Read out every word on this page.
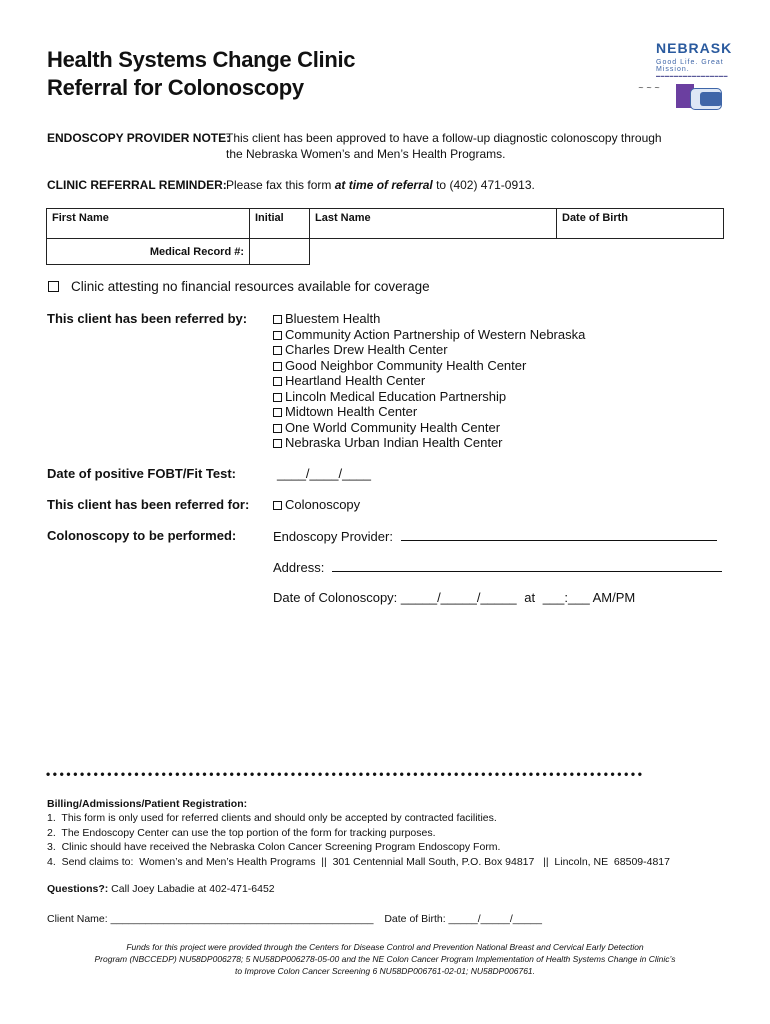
Health Systems Change Clinic
Referral for Colonoscopy
NEBRASK
Good Life. Great Mission.
▬▬▬▬▬▬▬▬▬▬▬▬▬▬▬▬
~ ~ ~
ENDOSCOPY PROVIDER NOTE:
This client has been approved to have a follow-up diagnostic colonoscopy through
the Nebraska Women’s and Men’s Health Programs.
CLINIC REFERRAL REMINDER: Please fax this form at time of referral to (402) 471-0913.
First Name	Initial	Last Name	Date of Birth
Medical Record #:			
Clinic attesting no financial resources available for coverage
This client has been referred by:	Bluestem Health
Community Action Partnership of Western Nebraska
Charles Drew Health Center
Good Neighbor Community Health Center
Heartland Health Center
Lincoln Medical Education Partnership
Midtown Health Center
One World Community Health Center
Nebraska Urban Indian Health Center
Date of positive FOBT/Fit Test:	____/____/____
This client has been referred for:	Colonoscopy
Colonoscopy to be performed:	Endoscopy Provider:
Address:
Date of Colonoscopy: _____/_____/_____ at ___:___ AM/PM
••••••••••••••••••••••••••••••••••••••••••••••••••••••••••••••••••••••••••••••••••••••••
Billing/Admissions/Patient Registration:
1.  This form is only used for referred clients and should only be accepted by contracted facilities.
2.  The Endoscopy Center can use the top portion of the form for tracking purposes.
3.  Clinic should have received the Nebraska Colon Cancer Screening Program Endoscopy Form.
4.  Send claims to:  Women’s and Men’s Health Programs  ||  301 Centennial Mall South, P.O. Box 94817   ||  Lincoln, NE  68509-4817
Questions?: Call Joey Labadie at 402-471-6452
Client Name: _____________________________________________ Date of Birth: _____/_____/_____
Funds for this project were provided through the Centers for Disease Control and Prevention National Breast and Cervical Early Detection
Program (NBCCEDP) NU58DP006278; 5 NU58DP006278-05-00 and the NE Colon Cancer Program Implementation of Health Systems Change in Clinic’s
to Improve Colon Cancer Screening 6 NU58DP006761-02-01; NU58DP006761.
